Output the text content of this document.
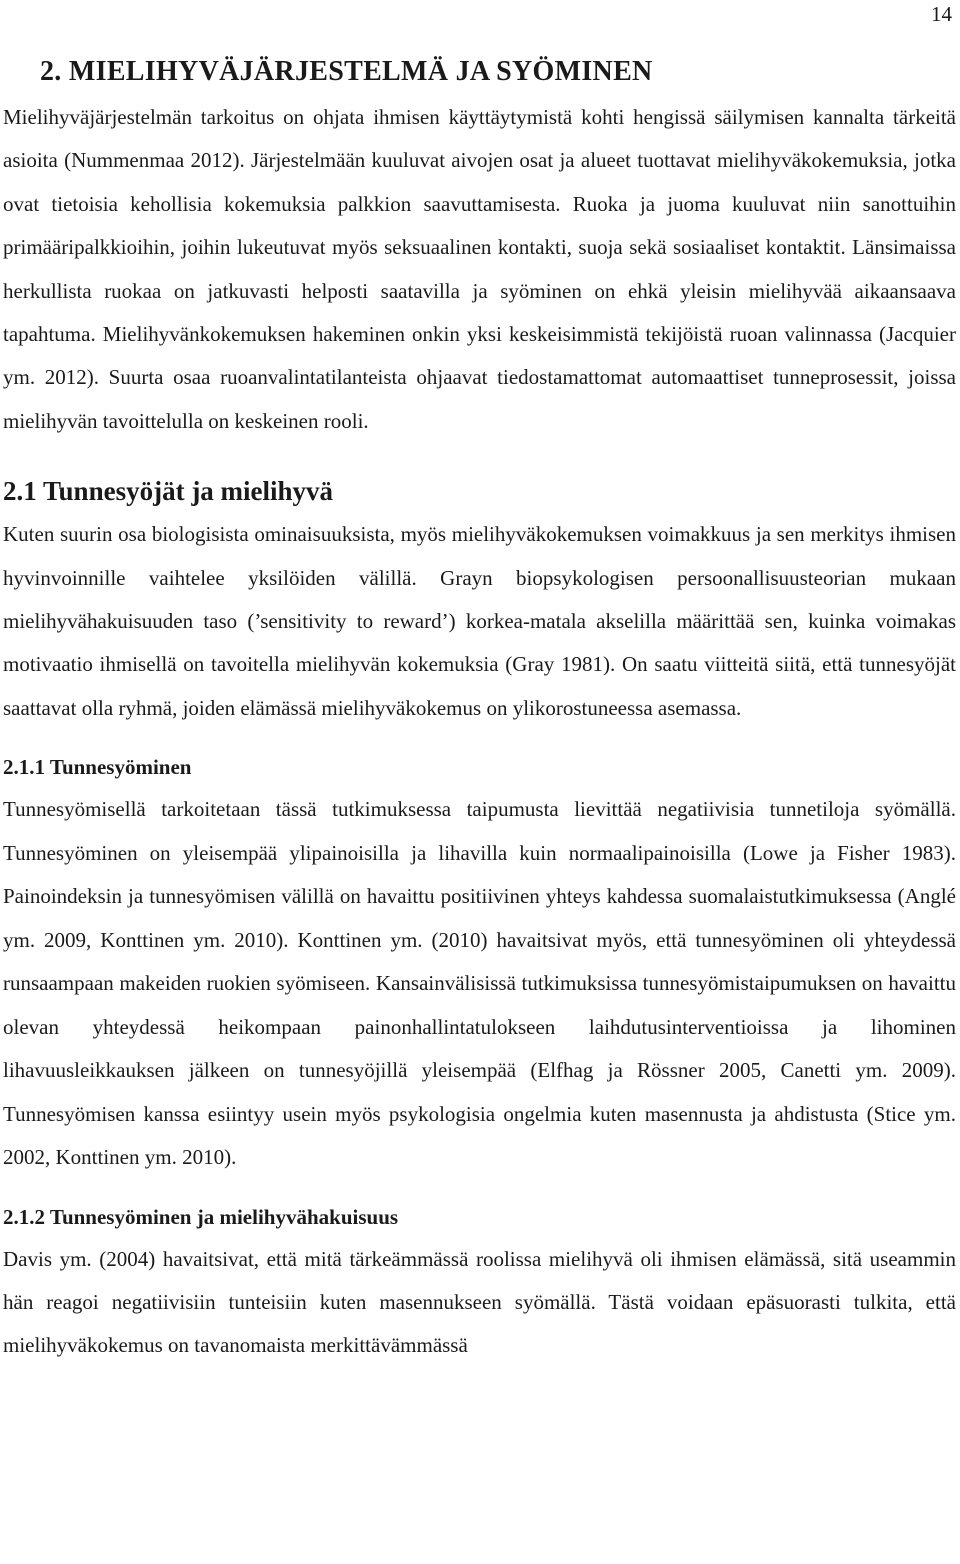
14
2. MIELIHYVÄJÄRJESTELMÄ JA SYÖMINEN

Mielihyväjärjestelmän tarkoitus on ohjata ihmisen käyttäytymistä kohti hengissä säilymisen kannalta tärkeitä asioita (Nummenmaa 2012). Järjestelmään kuuluvat aivojen osat ja alueet tuottavat mielihyväkokemuksia, jotka ovat tietoisia kehollisia kokemuksia palkkion saavuttamisesta. Ruoka ja juoma kuuluvat niin sanottuihin primääripalkkioihin, joihin lukeutuvat myös seksuaalinen kontakti, suoja sekä sosiaaliset kontaktit. Länsimaissa herkullista ruokaa on jatkuvasti helposti saatavilla ja syöminen on ehkä yleisin mielihyvää aikaansaava tapahtuma. Mielihyvänkokemuksen hakeminen onkin yksi keskeisimmistä tekijöistä ruoan valinnassa (Jacquier ym. 2012). Suurta osaa ruoanvalintatilanteista ohjaavat tiedostamattomat automaattiset tunneprosessit, joissa mielihyvän tavoittelulla on keskeinen rooli.

2.1 Tunnesyöjät ja mielihyvä

Kuten suurin osa biologisista ominaisuuksista, myös mielihyväkokemuksen voimakkuus ja sen merkitys ihmisen hyvinvoinnille vaihtelee yksilöiden välillä. Grayn biopsykologisen persoonallisuusteorian mukaan mielihyvähakuisuuden taso (’sensitivity to reward’) korkea-matala akselilla määrittää sen, kuinka voimakas motivaatio ihmisellä on tavoitella mielihyvän kokemuksia (Gray 1981). On saatu viitteitä siitä, että tunnesyöjät saattavat olla ryhmä, joiden elämässä mielihyväkokemus on ylikorostuneessa asemassa.

2.1.1 Tunnesyöminen

Tunnesyömisellä tarkoitetaan tässä tutkimuksessa taipumusta lievittää negatiivisia tunnetiloja syömällä. Tunnesyöminen on yleisempää ylipainoisilla ja lihavilla kuin normaalipainoisilla (Lowe ja Fisher 1983). Painoindeksin ja tunnesyömisen välillä on havaittu positiivinen yhteys kahdessa suomalaistutkimuksessa (Anglé ym. 2009, Konttinen ym. 2010). Konttinen ym. (2010) havaitsivat myös, että tunnesyöminen oli yhteydessä runsaampaan makeiden ruokien syömiseen. Kansainvälisissä tutkimuksissa tunnesyömistaipumuksen on havaittu olevan yhteydessä heikompaan painonhallintatulokseen laihdutusinterventioissa ja lihominen lihavuusleikkauksen jälkeen on tunnesyöjillä yleisempää (Elfhag ja Rössner 2005, Canetti ym. 2009). Tunnesyömisen kanssa esiintyy usein myös psykologisia ongelmia kuten masennusta ja ahdistusta (Stice ym. 2002, Konttinen ym. 2010).

2.1.2 Tunnesyöminen ja mielihyvähakuisuus

Davis ym. (2004) havaitsivat, että mitä tärkeämmässä roolissa mielihyvä oli ihmisen elämässä, sitä useammin hän reagoi negatiivisiin tunteisiin kuten masennukseen syömällä. Tästä voidaan epäsuorasti tulkita, että mielihyväkokemus on tavanomaista merkittävämmässä
